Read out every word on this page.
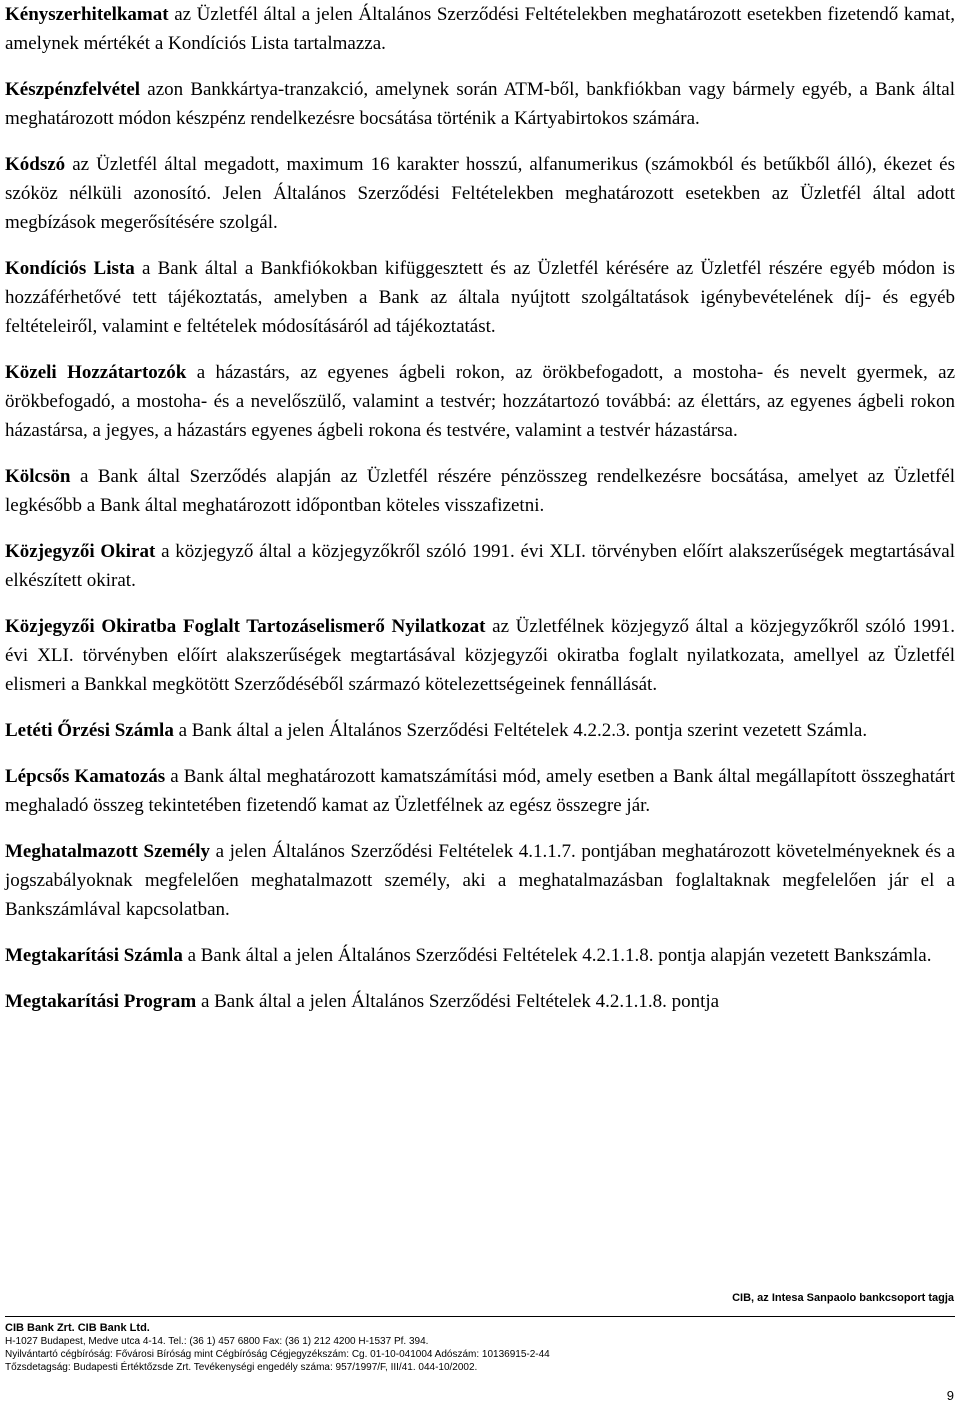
Kényszerhitelkamat az Üzletfél által a jelen Általános Szerződési Feltételekben meghatározott esetekben fizetendő kamat, amelynek mértékét a Kondíciós Lista tartalmazza.

Készpénzfelvétel azon Bankkártya-tranzakció, amelynek során ATM-ből, bankfiókban vagy bármely egyéb, a Bank által meghatározott módon készpénz rendelkezésre bocsátása történik a Kártyabirtokos számára.

Kódszó az Üzletfél által megadott, maximum 16 karakter hosszú, alfanumerikus (számokból és betűkből álló), ékezet és szóköz nélküli azonosító. Jelen Általános Szerződési Feltételekben meghatározott esetekben az Üzletfél által adott megbízások megerősítésére szolgál.

Kondíciós Lista a Bank által a Bankfiókokban kifüggesztett és az Üzletfél kérésére az Üzletfél részére egyéb módon is hozzáférhetővé tett tájékoztatás, amelyben a Bank az általa nyújtott szolgáltatások igénybevételének díj- és egyéb feltételeiről, valamint e feltételek módosításáról ad tájékoztatást.

Közeli Hozzátartozók a házastárs, az egyenes ágbeli rokon, az örökbefogadott, a mostoha- és nevelt gyermek, az örökbefogadó, a mostoha- és a nevelőszülő, valamint a testvér; hozzátartozó továbbá: az élettárs, az egyenes ágbeli rokon házastársa, a jegyes, a házastárs egyenes ágbeli rokona és testvére, valamint a testvér házastársa.

Kölcsön a Bank által Szerződés alapján az Üzletfél részére pénzösszeg rendelkezésre bocsátása, amelyet az Üzletfél legkésőbb a Bank által meghatározott időpontban köteles visszafizetni.

Közjegyzői Okirat a közjegyző által a közjegyzőkről szóló 1991. évi XLI. törvényben előírt alakszerűségek megtartásával elkészített okirat.

Közjegyzői Okiratba Foglalt Tartozáselismerő Nyilatkozat az Üzletfélnek közjegyző által a közjegyzőkről szóló 1991. évi XLI. törvényben előírt alakszerűségek megtartásával közjegyzői okiratba foglalt nyilatkozata, amellyel az Üzletfél elismeri a Bankkal megkötött Szerződéséből származó kötelezettségeinek fennállását.

Letéti Őrzési Számla a Bank által a jelen Általános Szerződési Feltételek 4.2.2.3. pontja szerint vezetett Számla.

Lépcsős Kamatozás a Bank által meghatározott kamatszámítási mód, amely esetben a Bank által megállapított összeghatárt meghaladó összeg tekintetében fizetendő kamat az Üzletfélnek az egész összegre jár.

Meghatalmazott Személy a jelen Általános Szerződési Feltételek 4.1.1.7. pontjában meghatározott követelményeknek és a jogszabályoknak megfelelően meghatalmazott személy, aki a meghatalmazásban foglaltaknak megfelelően jár el a Bankszámlával kapcsolatban.

Megtakarítási Számla a Bank által a jelen Általános Szerződési Feltételek 4.2.1.1.8. pontja alapján vezetett Bankszámla.

Megtakarítási Program a Bank által a jelen Általános Szerződési Feltételek 4.2.1.1.8. pontja

CIB, az Intesa Sanpaolo bankcsoport tagja
CIB Bank Zrt. CIB Bank Ltd.
H-1027 Budapest, Medve utca 4-14. Tel.: (36 1) 457 6800 Fax: (36 1) 212 4200 H-1537 Pf. 394.
Nyilvántartó cégbíróság: Fővárosi Bíróság mint Cégbíróság Cégjegyzékszám: Cg. 01-10-041004 Adószám: 10136915-2-44
Tőzsdetagság: Budapesti Értéktőzsde Zrt. Tevékenységi engedély száma: 957/1997/F, III/41. 044-10/2002.
9
